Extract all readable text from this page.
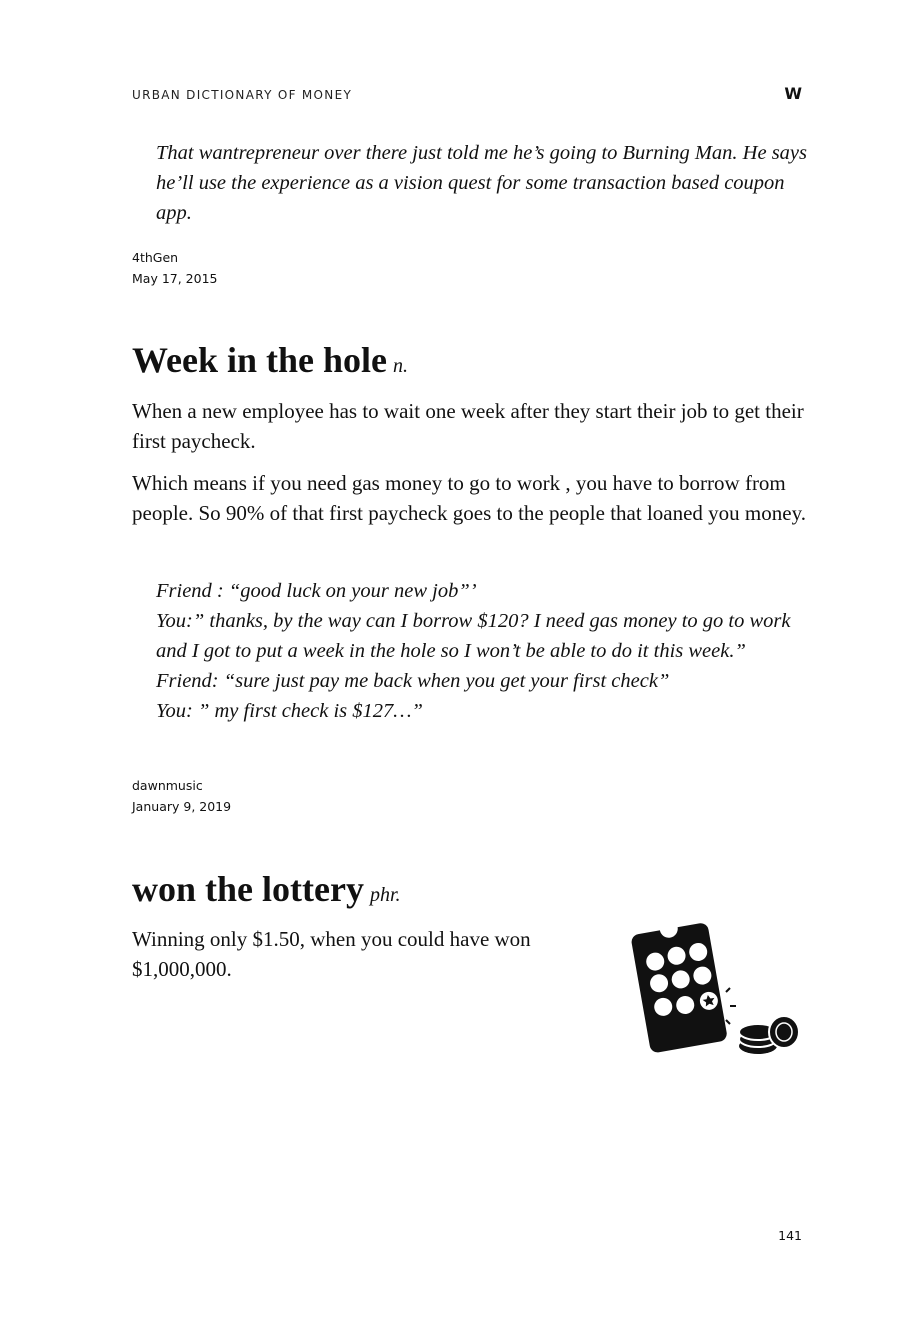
URBAN DICTIONARY OF MONEY	W

That wantrepreneur over there just told me he’s going to Burning Man. He says he’ll use the experience as a vision quest for some transaction based coupon app.

4thGen
May 17, 2015
Week in the hole n.

When a new employee has to wait one week after they start their job to get their first paycheck.

Which means if you need gas money to go to work , you have to borrow from people. So 90% of that first paycheck goes to the people that loaned you money.

Friend : “good luck on your new job”’

You:” thanks, by the way can I borrow $120? I need gas money to go to work and I got to put a week in the hole so I won’t be able to do it this week.”

Friend: “sure just pay me back when you get your first check”

You: ” my first check is $127…”

dawnmusic
January 9, 2019
won the lottery phr.

Winning only $1.50, when you could have won $1,000,000.

141
